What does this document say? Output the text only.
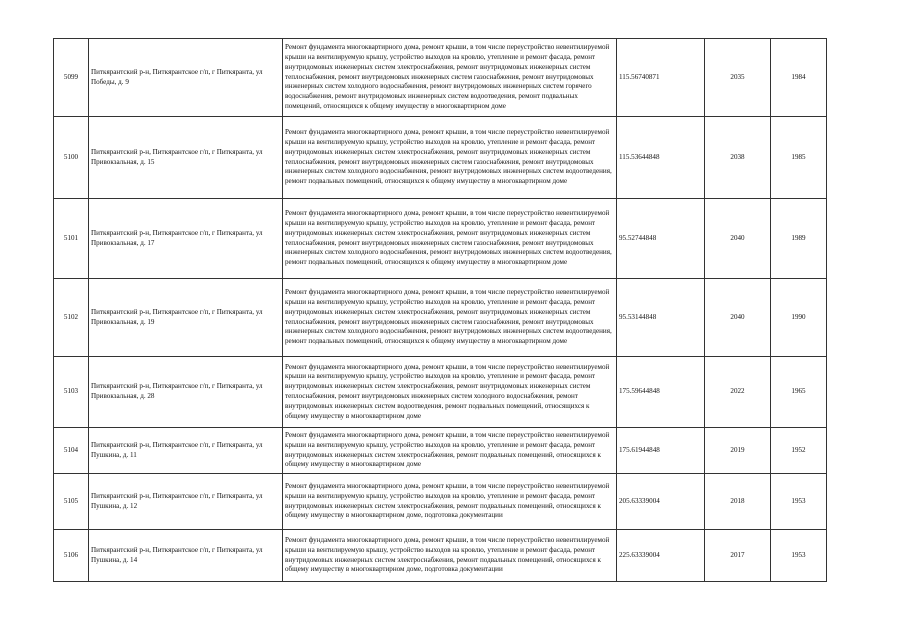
5099	Питкярантский р-н, Питкярантское г/п, г Питкяранта, ул Победы, д. 9	Ремонт фундамента многоквартирного дома, ремонт крыши, в том числе переустройство невентилируемой крыши на вентилируемую крышу, устройство выходов на кровлю, утепление и ремонт фасада, ремонт внутридомовых инженерных систем электроснабжения, ремонт внутридомовых инженерных систем теплоснабжения, ремонт внутридомовых инженерных систем газоснабжения, ремонт внутридомовых инженерных систем холодного водоснабжения, ремонт внутридомовых инженерных систем горячего водоснабжения, ремонт внутридомовых инженерных систем водоотведения, ремонт подвальных помещений, относящихся к общему имуществу в многоквартирном доме	115.56740871	2035	1984
5100	Питкярантский р-н, Питкярантское г/п, г Питкяранта, ул Привокзальная, д. 15	Ремонт фундамента многоквартирного дома, ремонт крыши, в том числе переустройство невентилируемой крыши на вентилируемую крышу, устройство выходов на кровлю, утепление и ремонт фасада, ремонт внутридомовых инженерных систем электроснабжения, ремонт внутридомовых инженерных систем теплоснабжения, ремонт внутридомовых инженерных систем газоснабжения, ремонт внутридомовых инженерных систем холодного водоснабжения, ремонт внутридомовых инженерных систем водоотведения, ремонт подвальных помещений, относящихся к общему имуществу в многоквартирном доме	115.53644848	2038	1985
5101	Питкярантский р-н, Питкярантское г/п, г Питкяранта, ул Привокзальная, д. 17	Ремонт фундамента многоквартирного дома, ремонт крыши, в том числе переустройство невентилируемой крыши на вентилируемую крышу, устройство выходов на кровлю, утепление и ремонт фасада, ремонт внутридомовых инженерных систем электроснабжения, ремонт внутридомовых инженерных систем теплоснабжения, ремонт внутридомовых инженерных систем газоснабжения, ремонт внутридомовых инженерных систем холодного водоснабжения, ремонт внутридомовых инженерных систем водоотведения, ремонт подвальных помещений, относящихся к общему имуществу в многоквартирном доме	95.52744848	2040	1989
5102	Питкярантский р-н, Питкярантское г/п, г Питкяранта, ул Привокзальная, д. 19	Ремонт фундамента многоквартирного дома, ремонт крыши, в том числе переустройство невентилируемой крыши на вентилируемую крышу, устройство выходов на кровлю, утепление и ремонт фасада, ремонт внутридомовых инженерных систем электроснабжения, ремонт внутридомовых инженерных систем теплоснабжения, ремонт внутридомовых инженерных систем газоснабжения, ремонт внутридомовых инженерных систем холодного водоснабжения, ремонт внутридомовых инженерных систем водоотведения, ремонт подвальных помещений, относящихся к общему имуществу в многоквартирном доме	95.53144848	2040	1990
5103	Питкярантский р-н, Питкярантское г/п, г Питкяранта, ул Привокзальная, д. 28	Ремонт фундамента многоквартирного дома, ремонт крыши, в том числе переустройство невентилируемой крыши на вентилируемую крышу, устройство выходов на кровлю, утепление и ремонт фасада, ремонт внутридомовых инженерных систем электроснабжения, ремонт внутридомовых инженерных систем теплоснабжения, ремонт внутридомовых инженерных систем холодного водоснабжения, ремонт внутридомовых инженерных систем водоотведения, ремонт подвальных помещений, относящихся к общему имуществу в многоквартирном доме	175.59644848	2022	1965
5104	Питкярантский р-н, Питкярантское г/п, г Питкяранта, ул Пушкина, д. 11	Ремонт фундамента многоквартирного дома, ремонт крыши, в том числе переустройство невентилируемой крыши на вентилируемую крышу, устройство выходов на кровлю, утепление и ремонт фасада, ремонт внутридомовых инженерных систем электроснабжения, ремонт подвальных помещений, относящихся к общему имуществу в многоквартирном доме	175.61944848	2019	1952
5105	Питкярантский р-н, Питкярантское г/п, г Питкяранта, ул Пушкина, д. 12	Ремонт фундамента многоквартирного дома, ремонт крыши, в том числе переустройство невентилируемой крыши на вентилируемую крышу, устройство выходов на кровлю, утепление и ремонт фасада, ремонт внутридомовых инженерных систем электроснабжения, ремонт подвальных помещений, относящихся к общему имуществу в многоквартирном доме, подготовка документации	205.63339004	2018	1953
5106	Питкярантский р-н, Питкярантское г/п, г Питкяранта, ул Пушкина, д. 14	Ремонт фундамента многоквартирного дома, ремонт крыши, в том числе переустройство невентилируемой крыши на вентилируемую крышу, устройство выходов на кровлю, утепление и ремонт фасада, ремонт внутридомовых инженерных систем электроснабжения, ремонт подвальных помещений, относящихся к общему имуществу в многоквартирном доме, подготовка документации	225.63339004	2017	1953
